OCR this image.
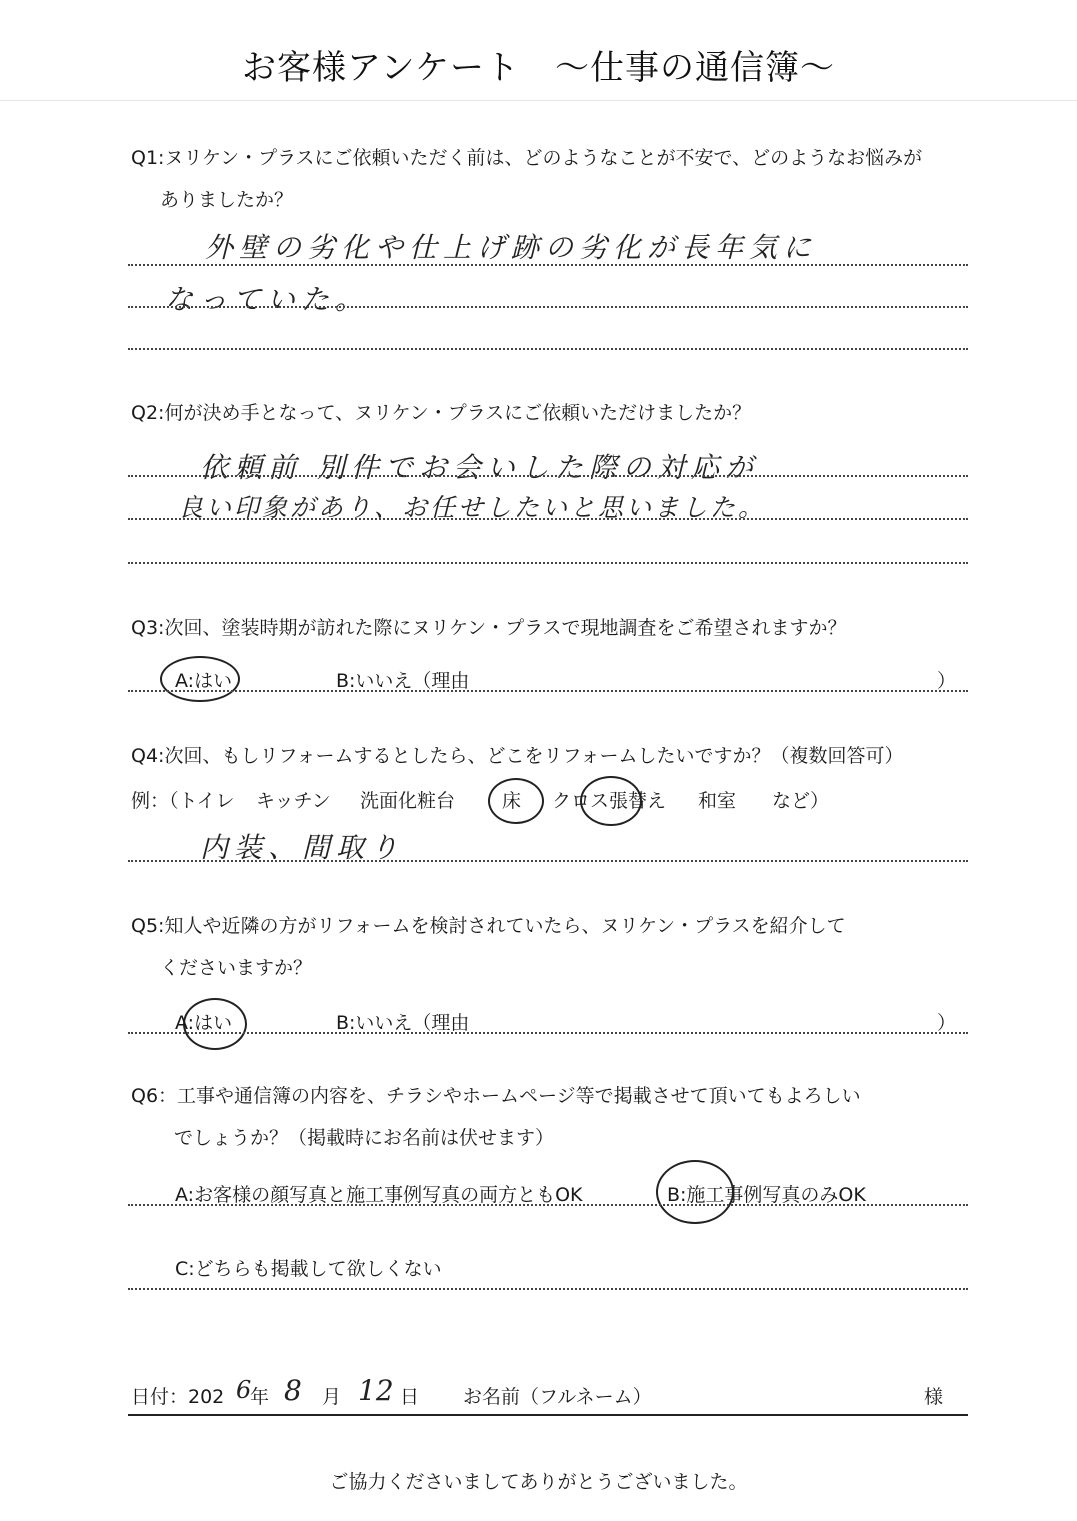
お客様アンケート　～仕事の通信簿～
Q1:ヌリケン・プラスにご依頼いただく前は、どのようなことが不安で、どのようなお悩みが
ありましたか？
外壁の劣化や仕上げ跡の劣化が長年気に
なっていた。
Q2:何が決め手となって、ヌリケン・プラスにご依頼いただけましたか？
依頼前 別件でお会いした際の対応が
良い印象があり、お任せしたいと思いました。
Q3:次回、塗装時期が訪れた際にヌリケン・プラスで現地調査をご希望されますか？
A:はい	B:いいえ（理由	）
Q4:次回、もしリフォームするとしたら、どこをリフォームしたいですか？（複数回答可）
例：（トイレ キッチン 洗面化粧台 床 クロス張替え 和室 など）
内装、間取り
Q5:知人や近隣の方がリフォームを検討されていたら、ヌリケン・プラスを紹介して
くださいますか？
A:はい	B:いいえ（理由	）
Q6：工事や通信簿の内容を、チラシやホームページ等で掲載させて頂いてもよろしい
でしょうか？（掲載時にお名前は伏せます）
A:お客様の顔写真と施工事例写真の両方ともOK	B:施工事例写真のみOK
C:どちらも掲載して欲しくない
日付：202 6
年 8 月 12 日 お名前（フルネーム）	様
ご協力くださいましてありがとうございました。
